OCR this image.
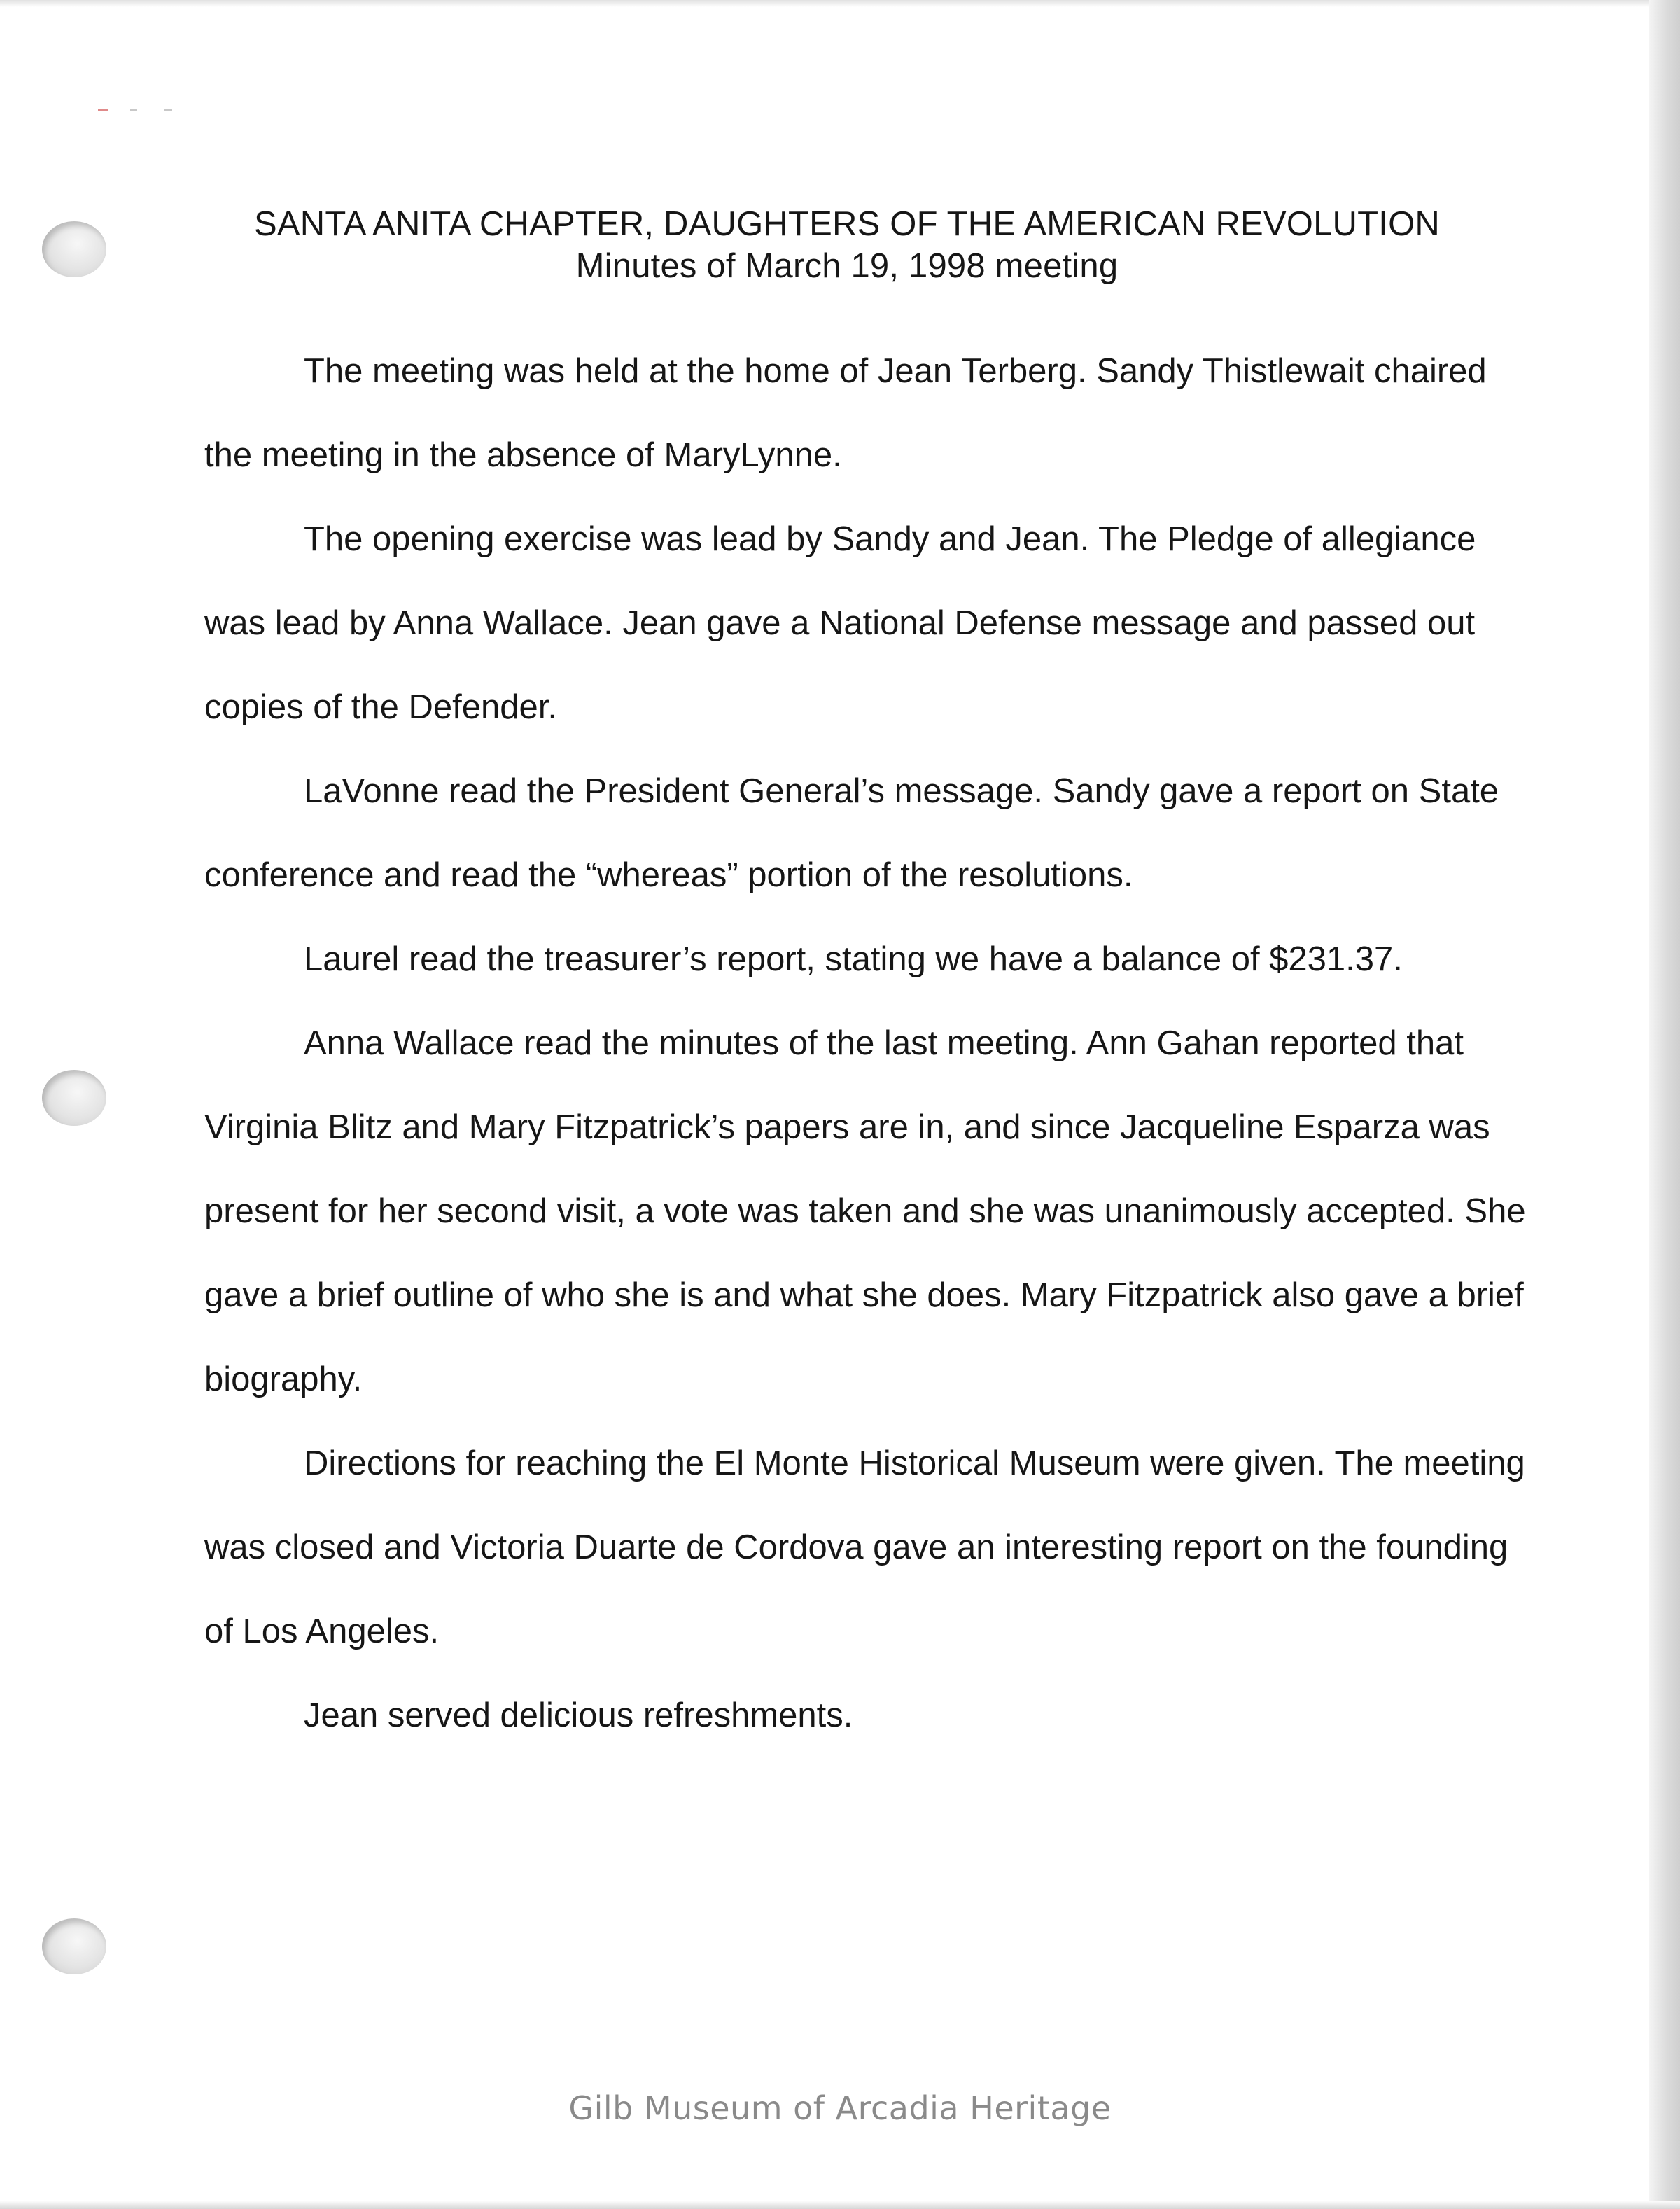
SANTA ANITA CHAPTER, DAUGHTERS OF THE AMERICAN REVOLUTION
Minutes of March 19, 1998 meeting

The meeting was held at the home of Jean Terberg. Sandy Thistlewait chaired the meeting in the absence of MaryLynne.

The opening exercise was lead by Sandy and Jean. The Pledge of allegiance was lead by Anna Wallace. Jean gave a National Defense message and passed out copies of the Defender.

LaVonne read the President General’s message. Sandy gave a report on State conference and read the “whereas” portion of the resolutions.

Laurel read the treasurer’s report, stating we have a balance of $231.37.

Anna Wallace read the minutes of the last meeting. Ann Gahan reported that Virginia Blitz and Mary Fitzpatrick’s papers are in, and since Jacqueline Esparza was present for her second visit, a vote was taken and she was unanimously accepted. She gave a brief outline of who she is and what she does. Mary Fitzpatrick also gave a brief biography.

Directions for reaching the El Monte Historical Museum were given. The meeting was closed and Victoria Duarte de Cordova gave an interesting report on the founding of Los Angeles.

Jean served delicious refreshments.

Gilb Museum of Arcadia Heritage
